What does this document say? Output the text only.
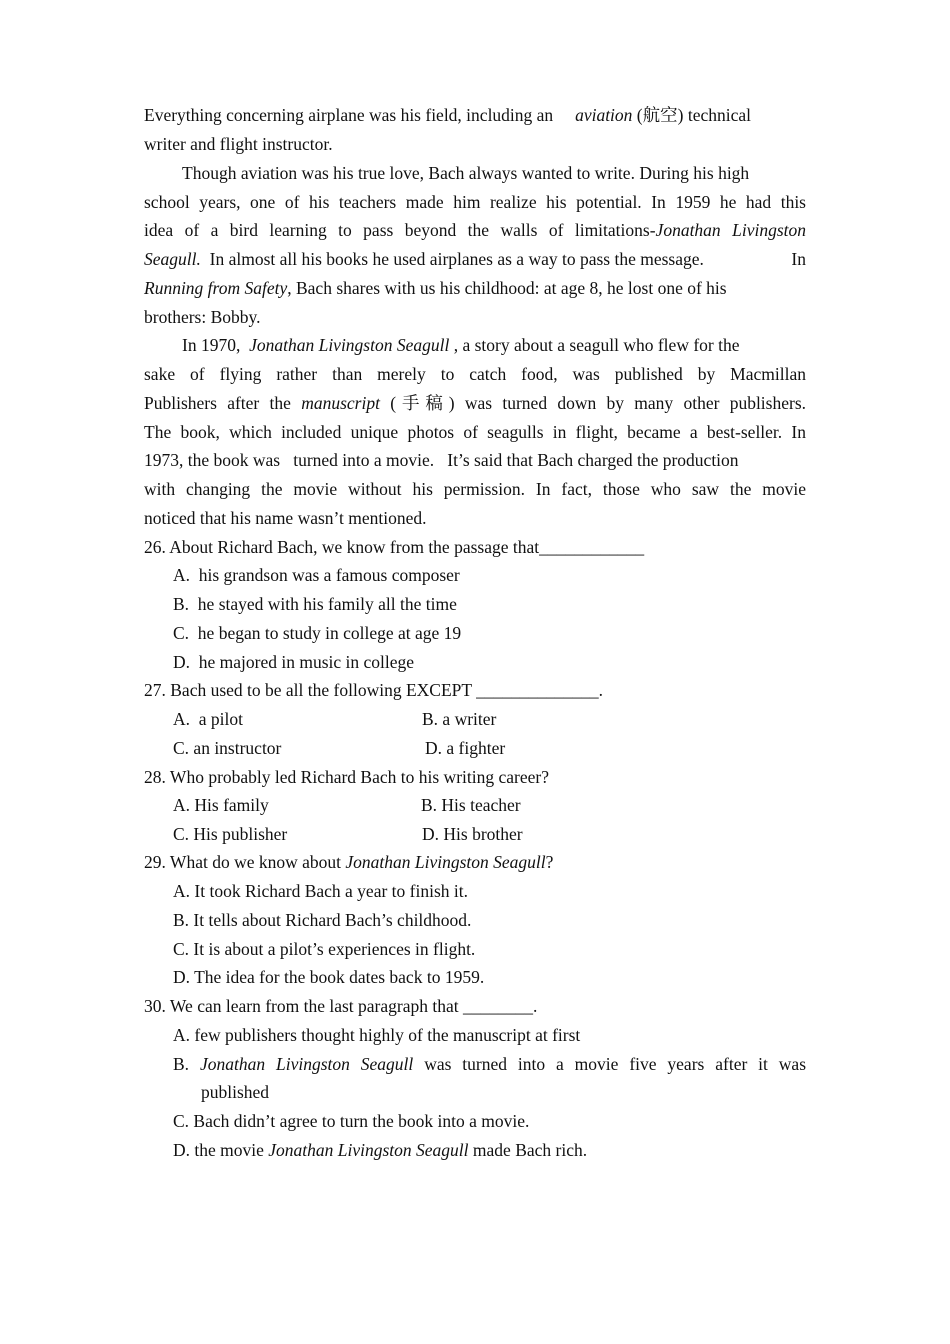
Everything concerning airplane was his field, including an aviation (航空) technical
writer and flight instructor.
Though aviation was his true love, Bach always wanted to write. During his high
school years, one of his teachers made him realize his potential. In 1959 he had this
idea of a bird learning to pass beyond the walls of limitations-Jonathan Livingston
Seagull. In almost all his books he used airplanes as a way to pass the message.	In
Running from Safety, Bach shares with us his childhood: at age 8, he lost one of his
brothers: Bobby.
In 1970, Jonathan Livingston Seagull , a story about a seagull who flew for the
sake of flying rather than merely to catch food, was published by Macmillan
Publishers after the manuscript (手稿) was turned down by many other publishers.
The book, which included unique photos of seagulls in flight, became a best-seller. In
1973, the book was   turned into a movie.   It’s said that Bach charged the production
with changing the movie without his permission. In fact, those who saw the movie
noticed that his name wasn’t mentioned.
26. About Richard Bach, we know from the passage that____________
A.  his grandson was a famous composer
B.  he stayed with his family all the time
C.  he began to study in college at age 19
D.  he majored in music in college
27. Bach used to be all the following EXCEPT ______________.
A.  a pilot	B. a writer
C. an instructor	D. a fighter
28. Who probably led Richard Bach to his writing career?
A. His family	B. His teacher
C. His publisher	D. His brother
29. What do we know about Jonathan Livingston Seagull?
A. It took Richard Bach a year to finish it.
B. It tells about Richard Bach’s childhood.
C. It is about a pilot’s experiences in flight.
D. The idea for the book dates back to 1959.
30. We can learn from the last paragraph that ________.
A. few publishers thought highly of the manuscript at first
B. Jonathan Livingston Seagull was turned into a movie five years after it was
published
C. Bach didn’t agree to turn the book into a movie.
D. the movie Jonathan Livingston Seagull made Bach rich.
